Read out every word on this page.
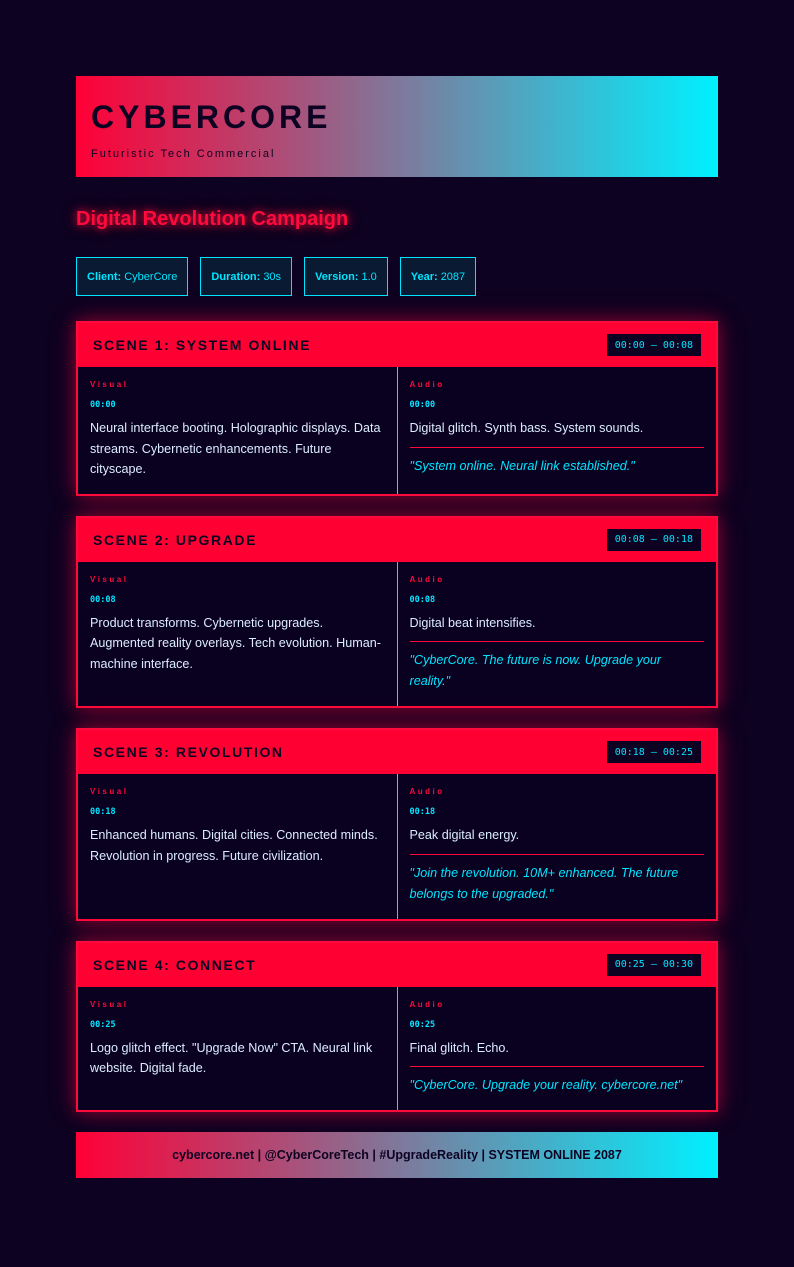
CYBERCORE
Futuristic Tech Commercial
Digital Revolution Campaign
Client: CyberCore	Duration: 30s	Version: 1.0	Year: 2087
SCENE 1: SYSTEM ONLINE	00:00 – 00:08
Visual
00:00
Neural interface booting. Holographic displays. Data streams. Cybernetic enhancements. Future cityscape.
Audio
00:00
Digital glitch. Synth bass. System sounds.
"System online. Neural link established."
SCENE 2: UPGRADE	00:08 – 00:18
Visual
00:08
Product transforms. Cybernetic upgrades. Augmented reality overlays. Tech evolution. Human-machine interface.
Audio
00:08
Digital beat intensifies.
"CyberCore. The future is now. Upgrade your reality."
SCENE 3: REVOLUTION	00:18 – 00:25
Visual
00:18
Enhanced humans. Digital cities. Connected minds. Revolution in progress. Future civilization.
Audio
00:18
Peak digital energy.
"Join the revolution. 10M+ enhanced. The future belongs to the upgraded."
SCENE 4: CONNECT	00:25 – 00:30
Visual
00:25
Logo glitch effect. "Upgrade Now" CTA. Neural link website. Digital fade.
Audio
00:25
Final glitch. Echo.
"CyberCore. Upgrade your reality. cybercore.net"
cybercore.net | @CyberCoreTech | #UpgradeReality | SYSTEM ONLINE 2087
